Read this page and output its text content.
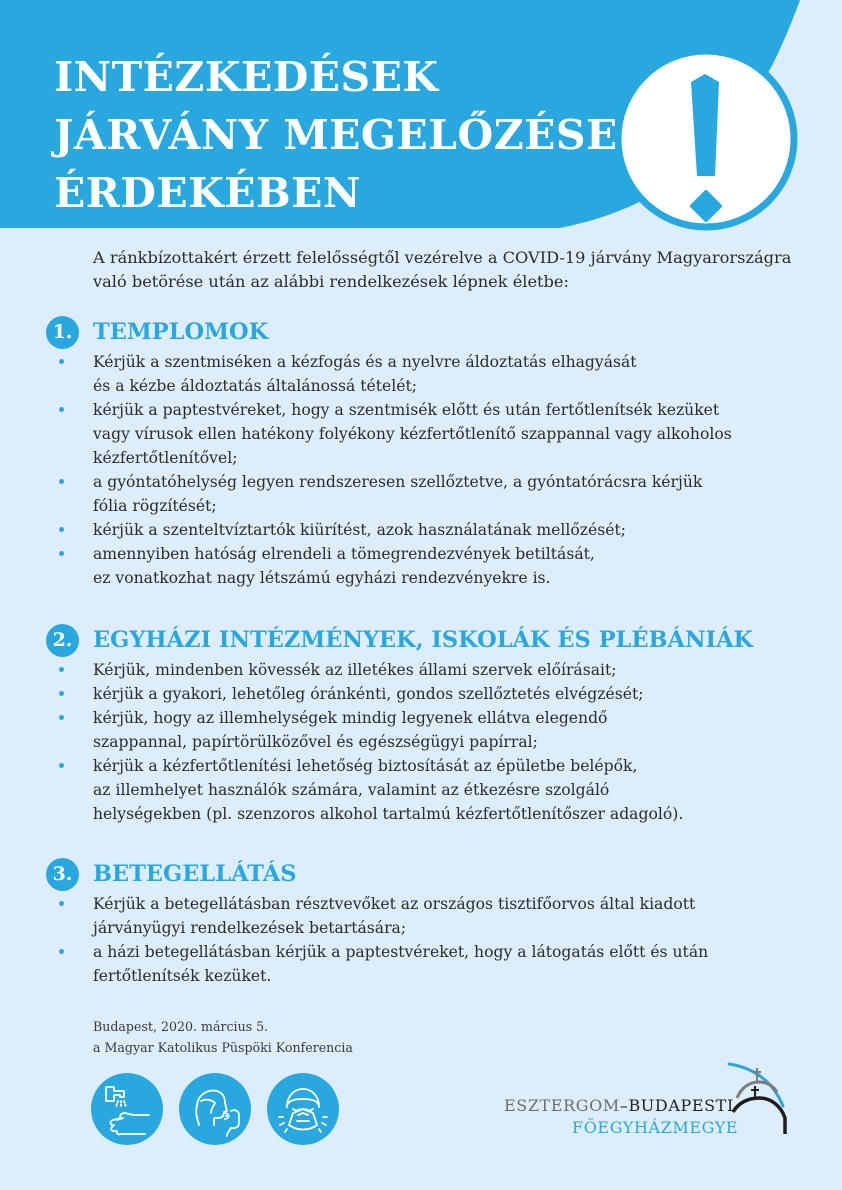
INTÉZKEDÉSEK
JÁRVÁNY MEGELŐZÉSE
ÉRDEKÉBEN

A ránkbízottakért érzett felelősségtől vezérelve a COVID-19 járvány Magyarországra
való betörése után az alábbi rendelkezések lépnek életbe:

1. TEMPLOMOK
Kérjük a szentmiséken a kézfogás és a nyelvre áldoztatás elhagyását
és a kézbe áldoztatás általánossá tételét;
kérjük a paptestvéreket, hogy a szentmisék előtt és után fertőtlenítsék kezüket
vagy vírusok ellen hatékony folyékony kézfertőtlenítő szappannal vagy alkoholos
kézfertőtlenítővel;
a gyóntatóhelység legyen rendszeresen szellőztetve, a gyóntatórácsra kérjük
fólia rögzítését;
kérjük a szenteltvíztartók kiürítést, azok használatának mellőzését;
amennyiben hatóság elrendeli a tömegrendezvények betiltását,
ez vonatkozhat nagy létszámú egyházi rendezvényekre is.
2. EGYHÁZI INTÉZMÉNYEK, ISKOLÁK ÉS PLÉBÁNIÁK
Kérjük, mindenben kövessék az illetékes állami szervek előírásait;
kérjük a gyakori, lehetőleg óránkénti, gondos szellőztetés elvégzését;
kérjük, hogy az illemhelységek mindig legyenek ellátva elegendő
szappannal, papírtörülközővel és egészségügyi papírral;
kérjük a kézfertőtlenítési lehetőség biztosítását az épületbe belépők,
az illemhelyet használók számára, valamint az étkezésre szolgáló
helységekben (pl. szenzoros alkohol tartalmú kézfertőtlenítőszer adagoló).
3. BETEGELLÁTÁS
Kérjük a betegellátásban résztvevőket az országos tisztifőorvos által kiadott
járványügyi rendelkezések betartására;
a házi betegellátásban kérjük a paptestvéreket, hogy a látogatás előtt és után
fertőtlenítsék kezüket.
Budapest, 2020. március 5.
a Magyar Katolikus Püspöki Konferencia
ESZTERGOM–BUDAPESTI
FŐEGYHÁZMEGYE
